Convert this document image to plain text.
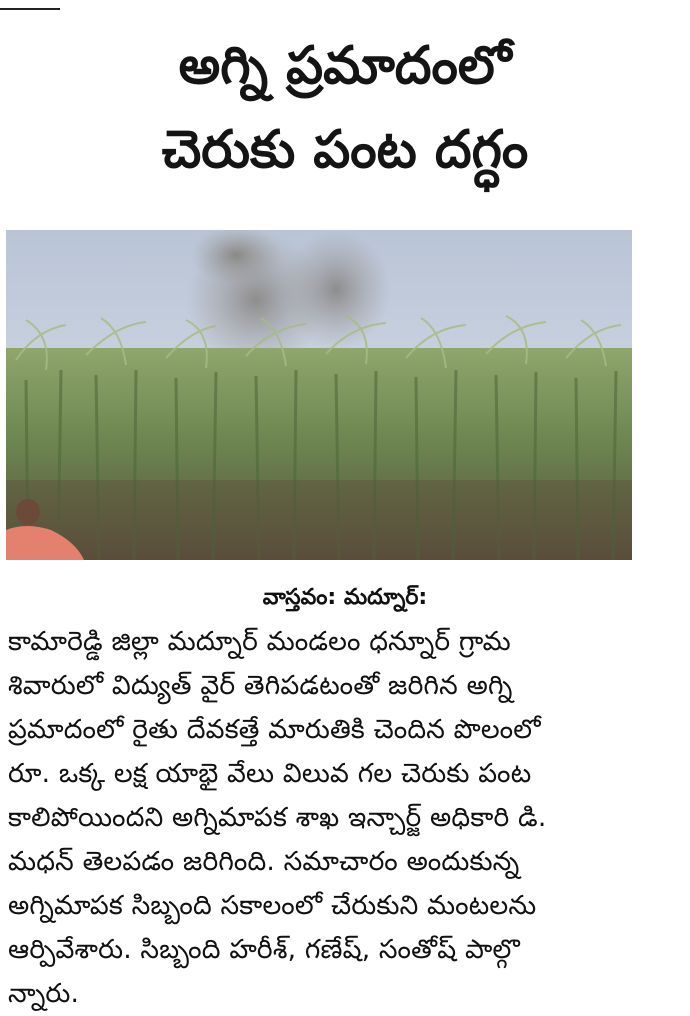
అగ్ని ప్రమాదంలో
చెరుకు పంట దగ్ధం
వాస్తవం: మద్నూర్:
కామారెడ్డి జిల్లా మద్నూర్ మండలం ధన్నూర్ గ్రామ
శివారులో విద్యుత్ వైర్ తెగిపడటంతో జరిగిన అగ్ని
ప్రమాదంలో రైతు దేవకత్తే మారుతికి చెందిన పొలంలో
రూ. ఒక్క లక్ష యాభై వేలు విలువ గల చెరుకు పంట
కాలిపోయిందని అగ్నిమాపక శాఖ ఇన్చార్జ్ అధికారి డి.
మధన్ తెలపడం జరిగింది. సమాచారం అందుకున్న
అగ్నిమాపక సిబ్బంది సకాలంలో చేరుకుని మంటలను
ఆర్పివేశారు. సిబ్బంది హరీశ్, గణేష్, సంతోష్ పాల్గొ
న్నారు.
